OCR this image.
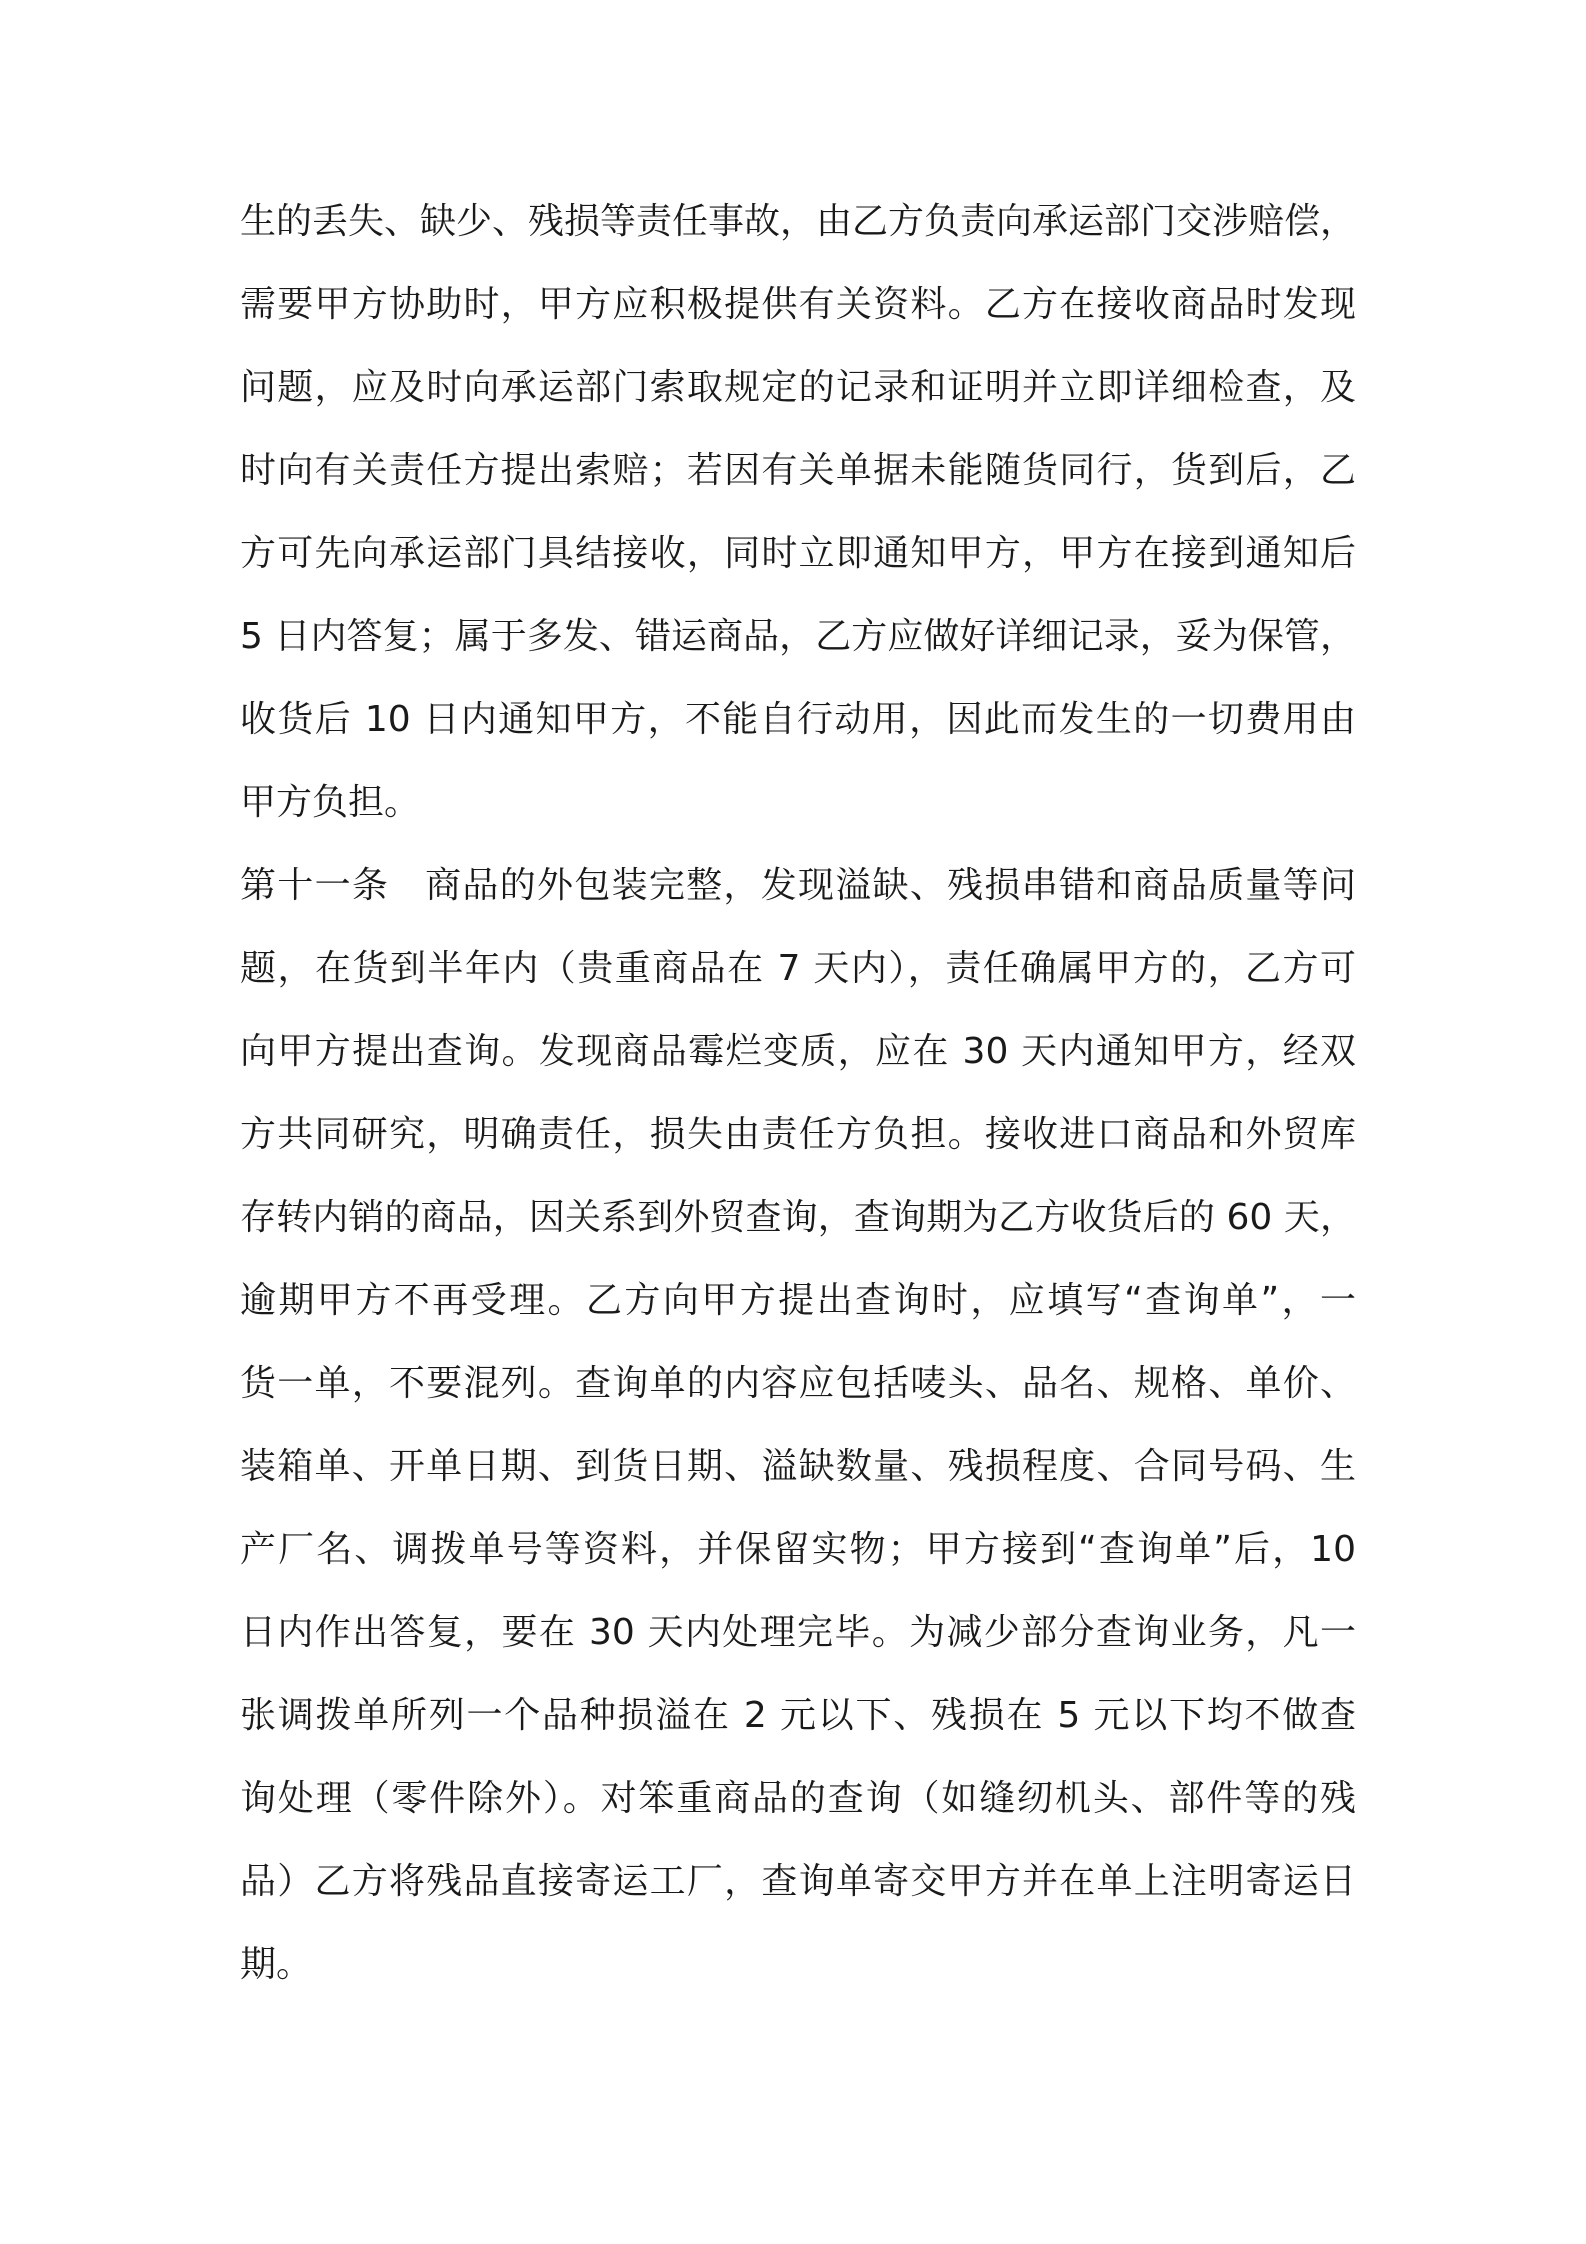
生的丢失、缺少、残损等责任事故，由乙方负责向承运部门交涉赔偿，
需要甲方协助时，甲方应积极提供有关资料。乙方在接收商品时发现
问题，应及时向承运部门索取规定的记录和证明并立即详细检查，及
时向有关责任方提出索赔；若因有关单据未能随货同行，货到后，乙
方可先向承运部门具结接收，同时立即通知甲方，甲方在接到通知后
5 日内答复；属于多发、错运商品，乙方应做好详细记录，妥为保管，
收货后 10 日内通知甲方，不能自行动用，因此而发生的一切费用由
甲方负担。
第十一条 商品的外包装完整，发现溢缺、残损串错和商品质量等问
题，在货到半年内（贵重商品在 7 天内），责任确属甲方的，乙方可
向甲方提出查询。发现商品霉烂变质，应在 30 天内通知甲方，经双
方共同研究，明确责任，损失由责任方负担。接收进口商品和外贸库
存转内销的商品，因关系到外贸查询，查询期为乙方收货后的 60 天，
逾期甲方不再受理。乙方向甲方提出查询时，应填写“查询单”，一
货一单，不要混列。查询单的内容应包括唛头、品名、规格、单价、
装箱单、开单日期、到货日期、溢缺数量、残损程度、合同号码、生
产厂名、调拨单号等资料，并保留实物；甲方接到“查询单”后，10
日内作出答复，要在 30 天内处理完毕。为减少部分查询业务，凡一
张调拨单所列一个品种损溢在 2 元以下、残损在 5 元以下均不做查
询处理（零件除外）。对笨重商品的查询（如缝纫机头、部件等的残
品）乙方将残品直接寄运工厂，查询单寄交甲方并在单上注明寄运日
期。
